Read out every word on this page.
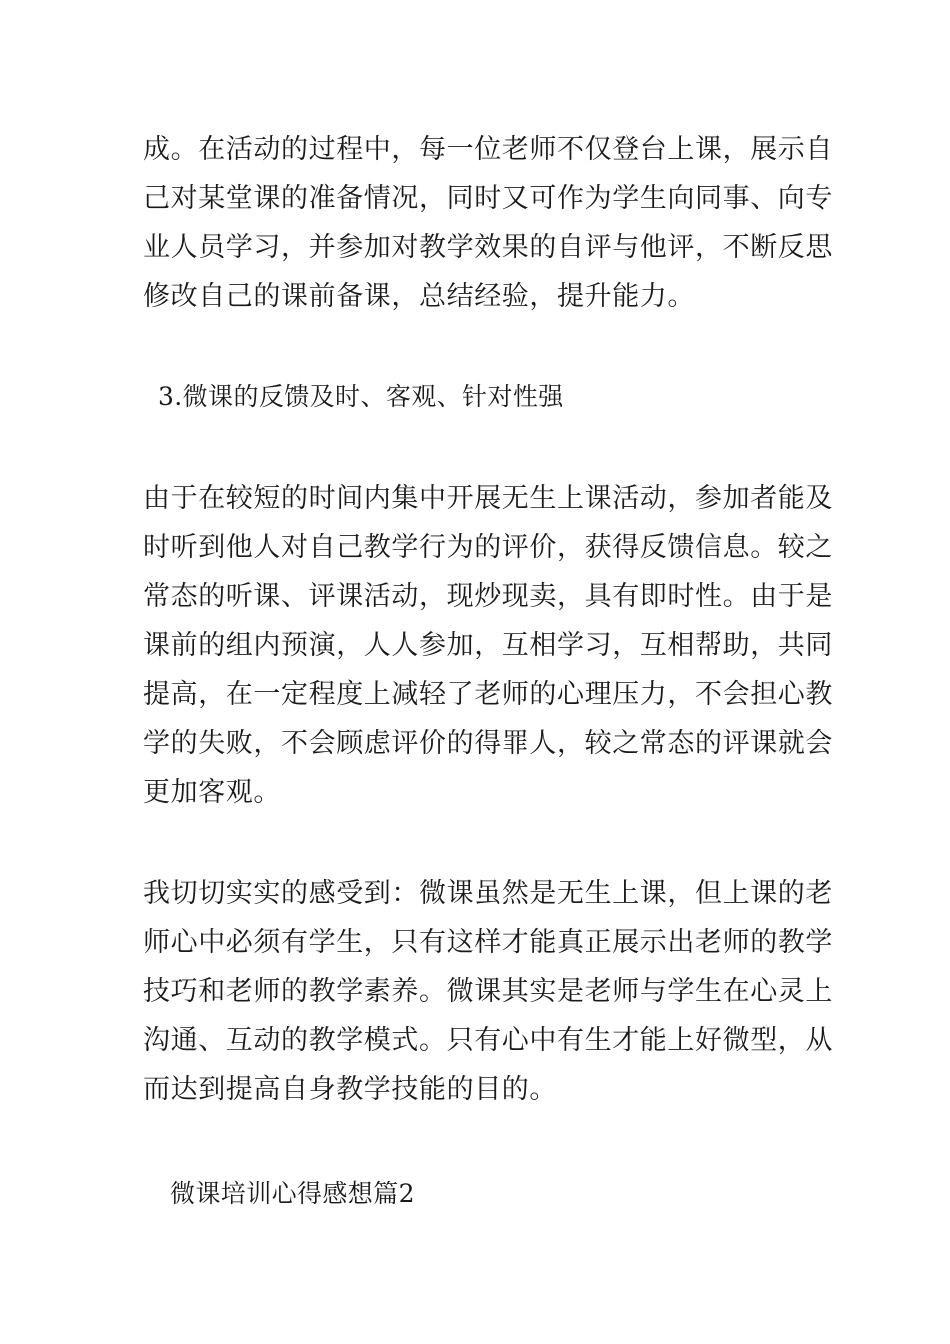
成。在活动的过程中，每一位老师不仅登台上课，展示自
己对某堂课的准备情况，同时又可作为学生向同事、向专
业人员学习，并参加对教学效果的自评与他评，不断反思
修改自己的课前备课，总结经验，提升能力。
3.微课的反馈及时、客观、针对性强
由于在较短的时间内集中开展无生上课活动，参加者能及
时听到他人对自己教学行为的评价，获得反馈信息。较之
常态的听课、评课活动，现炒现卖，具有即时性。由于是
课前的组内预演，人人参加，互相学习，互相帮助，共同
提高，在一定程度上减轻了老师的心理压力，不会担心教
学的失败，不会顾虑评价的得罪人，较之常态的评课就会
更加客观。
我切切实实的感受到：微课虽然是无生上课，但上课的老
师心中必须有学生，只有这样才能真正展示出老师的教学
技巧和老师的教学素养。微课其实是老师与学生在心灵上
沟通、互动的教学模式。只有心中有生才能上好微型，从
而达到提高自身教学技能的目的。
微课培训心得感想篇2
